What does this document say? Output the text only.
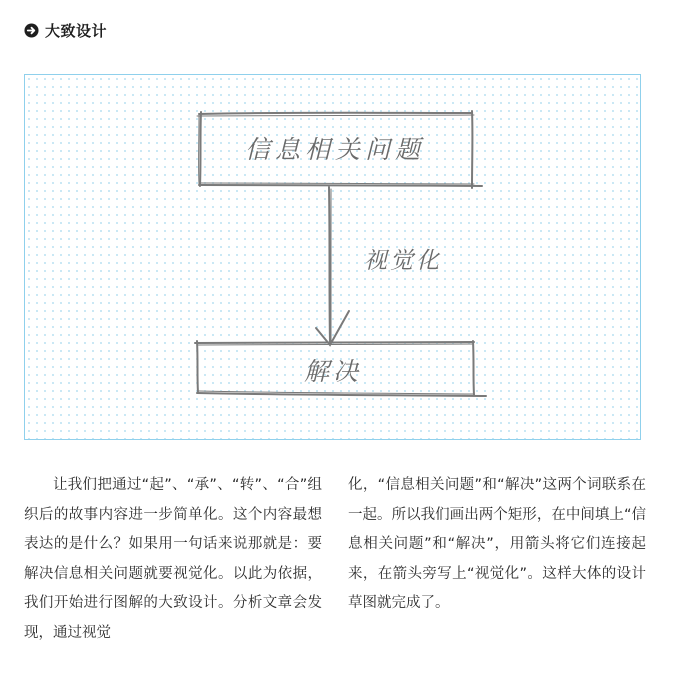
大致设计
信息相关问题
视觉化
解决

让我们把通过“起”、“承”、“转”、“合”组织后的故事内容进一步简单化。这个内容最想表达的是什么？如果用一句话来说那就是：要解决信息相关问题就要视觉化。以此为依据，我们开始进行图解的大致设计。分析文章会发现，通过视觉

化，“信息相关问题”和“解决”这两个词联系在一起。所以我们画出两个矩形，在中间填上“信息相关问题”和“解决”，用箭头将它们连接起来，在箭头旁写上“视觉化”。这样大体的设计草图就完成了。
